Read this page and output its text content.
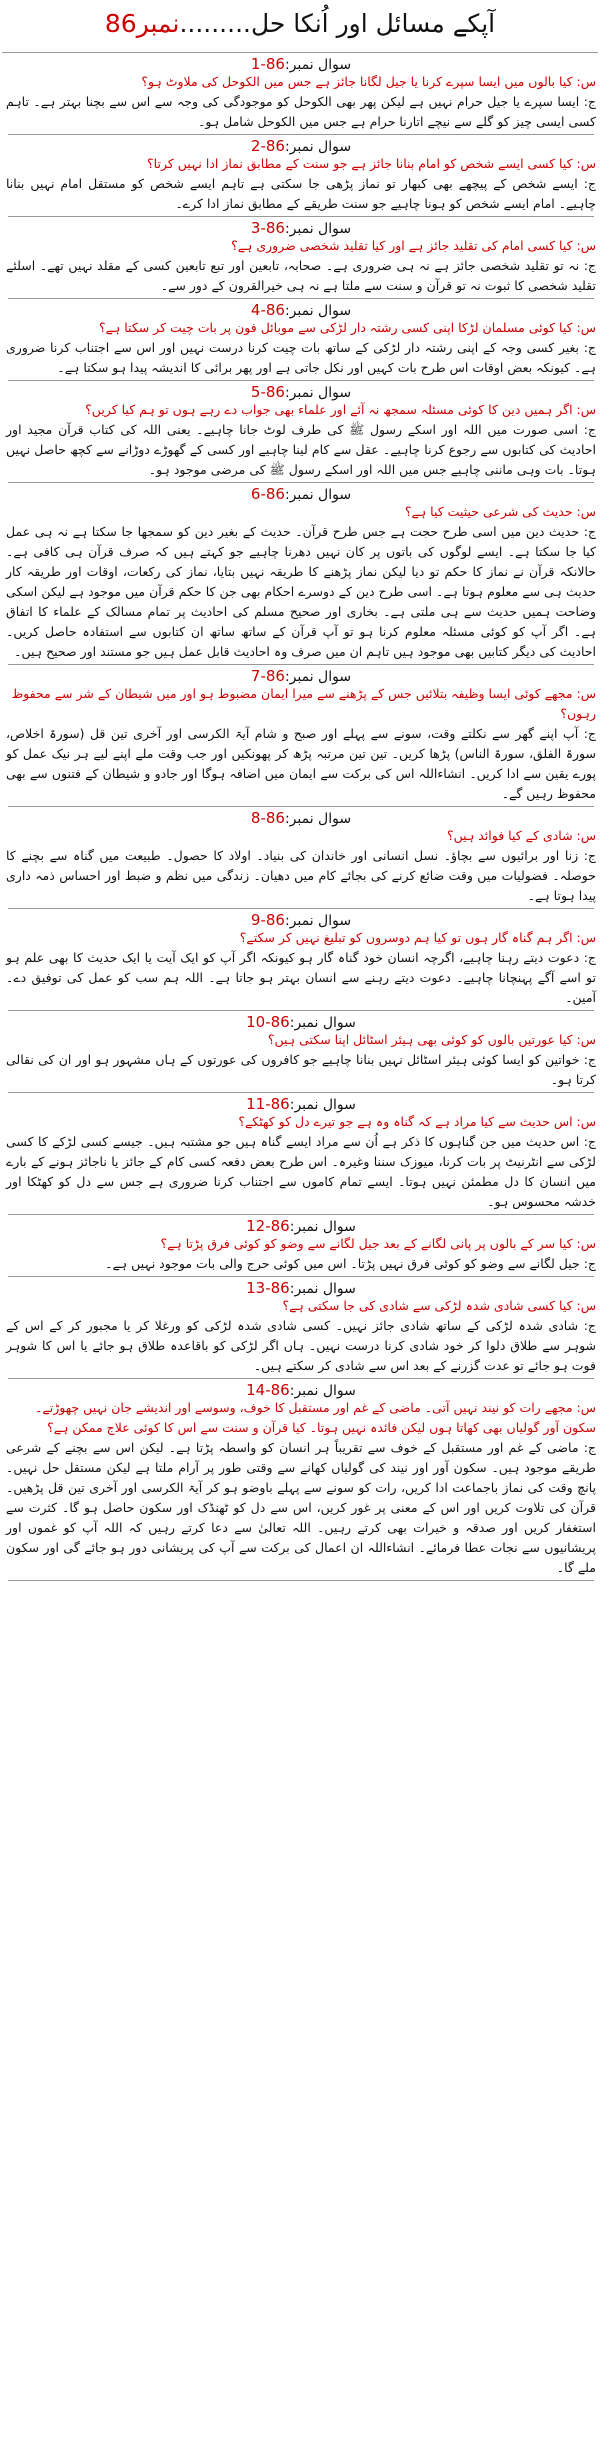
آپکے مسائل اور اُنکا حل.........نمبر86
سوال نمبر:86-1

س: کیا بالوں میں ایسا سپرے کرنا یا جیل لگانا جائز ہے جس میں الکوحل کی ملاوٹ ہو؟

ج: ایسا سپرے یا جیل حرام نہیں ہے لیکن پھر بھی الکوحل کو موجودگی کی وجہ سے اس سے بچنا بہتر ہے۔ تاہم کسی ایسی چیز کو گلے سے نیچے اتارنا حرام ہے جس میں الکوحل شامل ہو۔

سوال نمبر:86-2

س: کیا کسی ایسے شخص کو امام بنانا جائز ہے جو سنت کے مطابق نماز ادا نہیں کرتا؟

ج: ایسے شخص کے پیچھے بھی کبھار تو نماز پڑھی جا سکتی ہے تاہم ایسے شخص کو مستقل امام نہیں بنانا چاہیے۔ امام ایسے شخص کو ہونا چاہیے جو سنت طریقے کے مطابق نماز ادا کرے۔

سوال نمبر:86-3

س: کیا کسی امام کی تقلید جائز ہے اور کیا تقلید شخصی ضروری ہے؟

ج: نہ تو تقلید شخصی جائز ہے نہ ہی ضروری ہے۔ صحابہ، تابعین اور تبع تابعین کسی کے مقلد نہیں تھے۔ اسلئے تقلید شخصی کا ثبوت نہ تو قرآن و سنت سے ملتا ہے نہ ہی خیرالقرون کے دور سے۔

سوال نمبر:86-4

س: کیا کوئی مسلمان لڑکا اپنی کسی رشتہ دار لڑکی سے موبائل فون پر بات چیت کر سکتا ہے؟

ج: بغیر کسی وجہ کے اپنی رشتہ دار لڑکی کے ساتھ بات چیت کرنا درست نہیں اور اس سے اجتناب کرنا ضروری ہے۔ کیونکہ بعض اوقات اس طرح بات کہیں اور نکل جاتی ہے اور پھر برائی کا اندیشہ پیدا ہو سکتا ہے۔

سوال نمبر:86-5

س: اگر ہمیں دین کا کوئی مسئلہ سمجھ نہ آئے اور علماء بھی جواب دے رہے ہوں تو ہم کیا کریں؟

ج: اسی صورت میں اللہ اور اسکے رسول ﷺ کی طرف لوٹ جانا چاہیے۔ یعنی اللہ کی کتاب قرآن مجید اور احادیث کی کتابوں سے رجوع کرنا چاہیے۔ عقل سے کام لینا چاہیے اور کسی کے گھوڑے دوڑانے سے کچھ حاصل نہیں ہوتا۔ بات وہی ماننی چاہیے جس میں اللہ اور اسکے رسول ﷺ کی مرضی موجود ہو۔

سوال نمبر:86-6

س: حدیث کی شرعی حیثیت کیا ہے؟

ج: حدیث دین میں اسی طرح حجت ہے جس طرح قرآن۔ حدیث کے بغیر دین کو سمجھا جا سکتا ہے نہ ہی عمل کیا جا سکتا ہے۔ ایسے لوگوں کی باتوں پر کان نہیں دھرنا چاہیے جو کہتے ہیں کہ صرف قرآن ہی کافی ہے۔ حالانکہ قرآن نے نماز کا حکم تو دیا لیکن نماز پڑھنے کا طریقہ نہیں بتایا، نماز کی رکعات، اوقات اور طریقہ کار حدیث ہی سے معلوم ہوتا ہے۔ اسی طرح دین کے دوسرے احکام بھی جن کا حکم قرآن میں موجود ہے لیکن اسکی وضاحت ہمیں حدیث سے ہی ملتی ہے۔ بخاری اور صحیح مسلم کی احادیث پر تمام مسالک کے علماء کا اتفاق ہے۔ اگر آپ کو کوئی مسئلہ معلوم کرنا ہو تو آپ قرآن کے ساتھ ساتھ ان کتابوں سے استفادہ حاصل کریں۔ احادیث کی دیگر کتابیں بھی موجود ہیں تاہم ان میں صرف وہ احادیث قابل عمل ہیں جو مستند اور صحیح ہیں۔

سوال نمبر:86-7

س: مجھے کوئی ایسا وظیفہ بتلائیں جس کے پڑھنے سے میرا ایمان مضبوط ہو اور میں شیطان کے شر سے محفوظ رہوں؟

ج: آپ اپنے گھر سے نکلتے وقت، سونے سے پہلے اور صبح و شام آیۃ الکرسی اور آخری تین قل (سورۃ اخلاص، سورۃ الفلق، سورۃ الناس) پڑھا کریں۔ تین تین مرتبہ پڑھ کر پھونکیں اور جب وقت ملے اپنے لیے ہر نیک عمل کو پورے یقین سے ادا کریں۔ انشاءاللہ اس کی برکت سے ایمان میں اضافہ ہوگا اور جادو و شیطان کے فتنوں سے بھی محفوظ رہیں گے۔

سوال نمبر:86-8

س: شادی کے کیا فوائد ہیں؟

ج: زنا اور برائیوں سے بچاؤ۔ نسل انسانی اور خاندان کی بنیاد۔ اولاد کا حصول۔ طبیعت میں گناہ سے بچنے کا حوصلہ۔ فضولیات میں وقت ضائع کرنے کی بجائے کام میں دھیان۔ زندگی میں نظم و ضبط اور احساس ذمہ داری پیدا ہوتا ہے۔

سوال نمبر:86-9

س: اگر ہم گناہ گار ہوں تو کیا ہم دوسروں کو تبلیغ نہیں کر سکتے؟

ج: دعوت دیتے رہنا چاہیے، اگرچہ انسان خود گناہ گار ہو کیونکہ اگر آپ کو ایک آیت یا ایک حدیث کا بھی علم ہو تو اسے آگے پہنچانا چاہیے۔ دعوت دیتے رہنے سے انسان بہتر ہو جاتا ہے۔ اللہ ہم سب کو عمل کی توفیق دے۔ آمین۔

سوال نمبر:86-10

س: کیا عورتیں بالوں کو کوئی بھی ہیئر اسٹائل اپنا سکتی ہیں؟

ج: خواتین کو ایسا کوئی ہیئر اسٹائل نہیں بنانا چاہیے جو کافروں کی عورتوں کے ہاں مشہور ہو اور ان کی نقالی کرتا ہو۔

سوال نمبر:86-11

س: اس حدیث سے کیا مراد ہے کہ گناہ وہ ہے جو تیرے دل کو کھٹکے؟

ج: اس حدیث میں جن گناہوں کا ذکر ہے اُن سے مراد ایسے گناہ ہیں جو مشتبہ ہیں۔ جیسے کسی لڑکے کا کسی لڑکی سے انٹرنیٹ پر بات کرنا، میوزک سننا وغیرہ۔ اس طرح بعض دفعہ کسی کام کے جائز یا ناجائز ہونے کے بارے میں انسان کا دل مطمئن نہیں ہوتا۔ ایسے تمام کاموں سے اجتناب کرنا ضروری ہے جس سے دل کو کھٹکا اور خدشہ محسوس ہو۔

سوال نمبر:86-12

س: کیا سر کے بالوں پر پانی لگانے کے بعد جیل لگانے سے وضو کو کوئی فرق پڑتا ہے؟

ج: جیل لگانے سے وضو کو کوئی فرق نہیں پڑتا۔ اس میں کوئی حرج والی بات موجود نہیں ہے۔

سوال نمبر:86-13

س: کیا کسی شادی شدہ لڑکی سے شادی کی جا سکتی ہے؟

ج: شادی شدہ لڑکی کے ساتھ شادی جائز نہیں۔ کسی شادی شدہ لڑکی کو ورغلا کر یا مجبور کر کے اس کے شوہر سے طلاق دلوا کر خود شادی کرنا درست نہیں۔ ہاں اگر لڑکی کو باقاعدہ طلاق ہو جائے یا اس کا شوہر فوت ہو جائے تو عدت گزرنے کے بعد اس سے شادی کر سکتے ہیں۔

سوال نمبر:86-14

س: مجھے رات کو نیند نہیں آتی۔ ماضی کے غم اور مستقبل کا خوف، وسوسے اور اندیشے جان نہیں چھوڑتے۔ سکون آور گولیاں بھی کھاتا ہوں لیکن فائدہ نہیں ہوتا۔ کیا قرآن و سنت سے اس کا کوئی علاج ممکن ہے؟

ج: ماضی کے غم اور مستقبل کے خوف سے تقریباً ہر انسان کو واسطہ پڑتا ہے۔ لیکن اس سے بچنے کے شرعی طریقے موجود ہیں۔ سکون آور اور نیند کی گولیاں کھانے سے وقتی طور پر آرام ملتا ہے لیکن مستقل حل نہیں۔ پانچ وقت کی نماز باجماعت ادا کریں، رات کو سونے سے پہلے باوضو ہو کر آیۃ الکرسی اور آخری تین قل پڑھیں۔ قرآن کی تلاوت کریں اور اس کے معنی پر غور کریں، اس سے دل کو ٹھنڈک اور سکون حاصل ہو گا۔ کثرت سے استغفار کریں اور صدقہ و خیرات بھی کرتے رہیں۔ اللہ تعالیٰ سے دعا کرتے رہیں کہ اللہ آپ کو غموں اور پریشانیوں سے نجات عطا فرمائے۔ انشاءاللہ ان اعمال کی برکت سے آپ کی پریشانی دور ہو جائے گی اور سکون ملے گا۔
